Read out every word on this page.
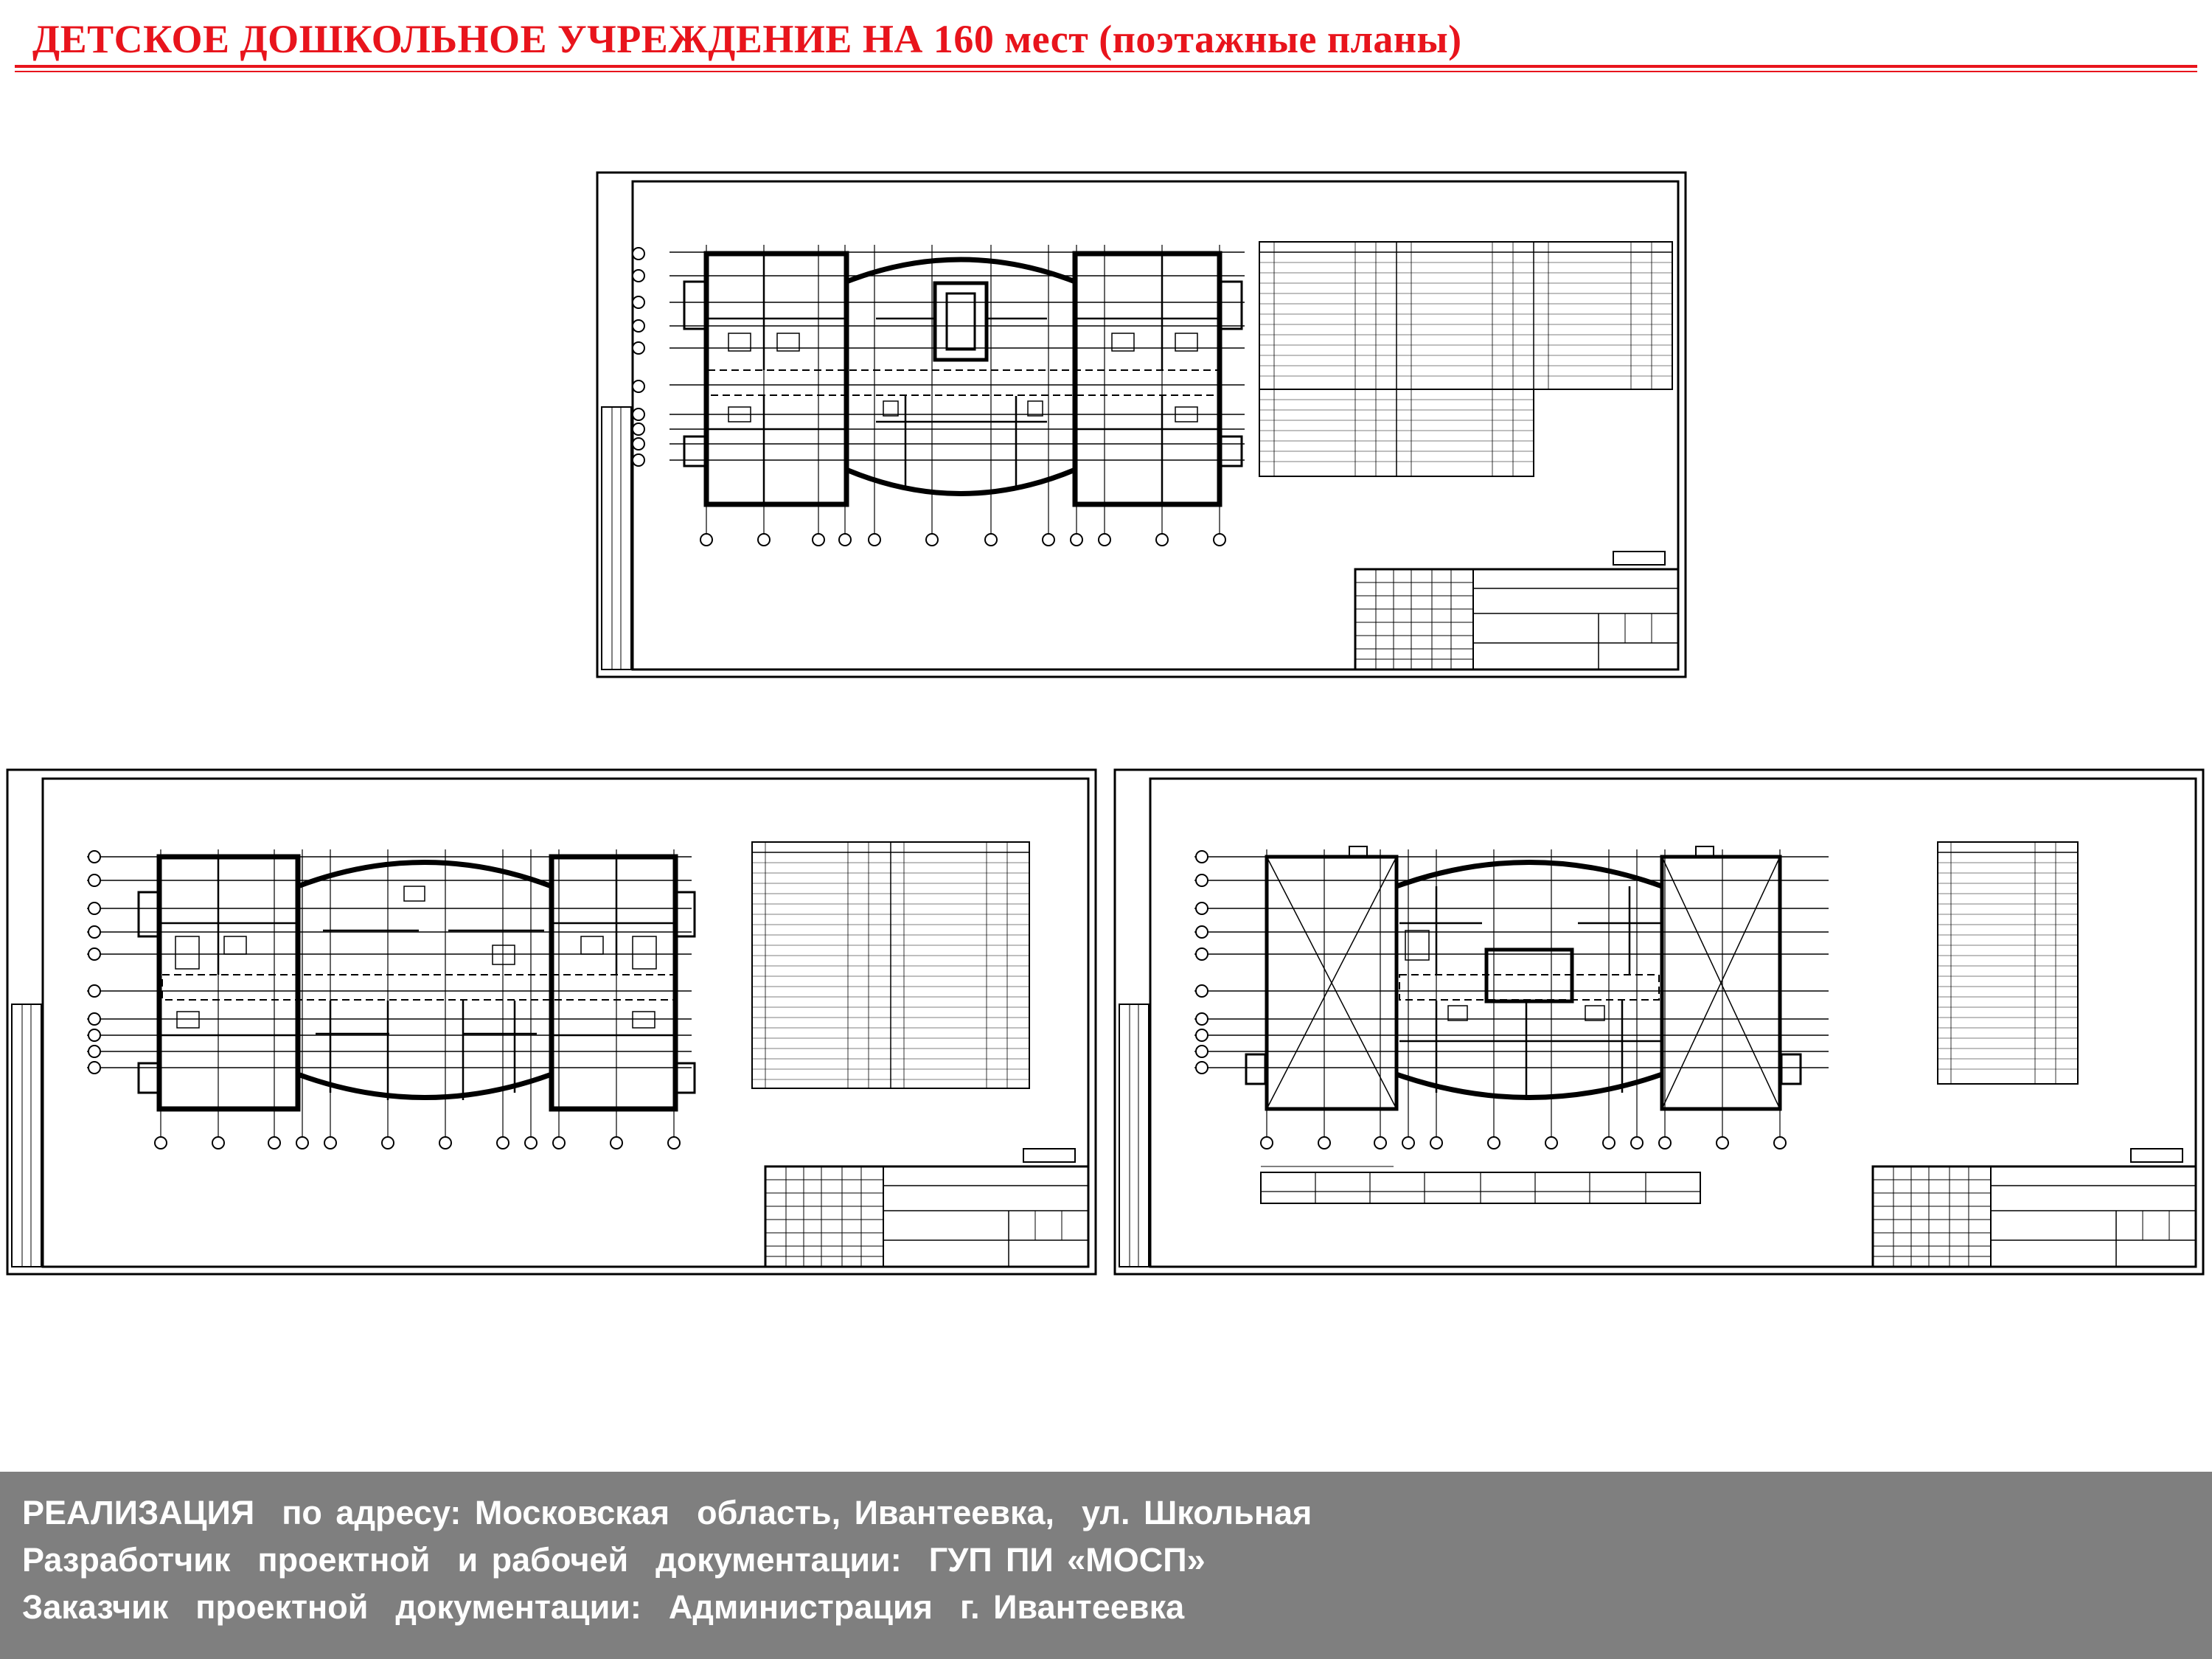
ДЕТСКОЕ ДОШКОЛЬНОЕ УЧРЕЖДЕНИЕ НА 160 мест (поэтажные планы)
РЕАЛИЗАЦИЯ  по адресу: Московская  область, Ивантеевка,  ул. Школьная
Разработчик  проектной  и рабочей  документации:  ГУП ПИ «МОСП»
Заказчик  проектной  документации:  Администрация  г. Ивантеевка
